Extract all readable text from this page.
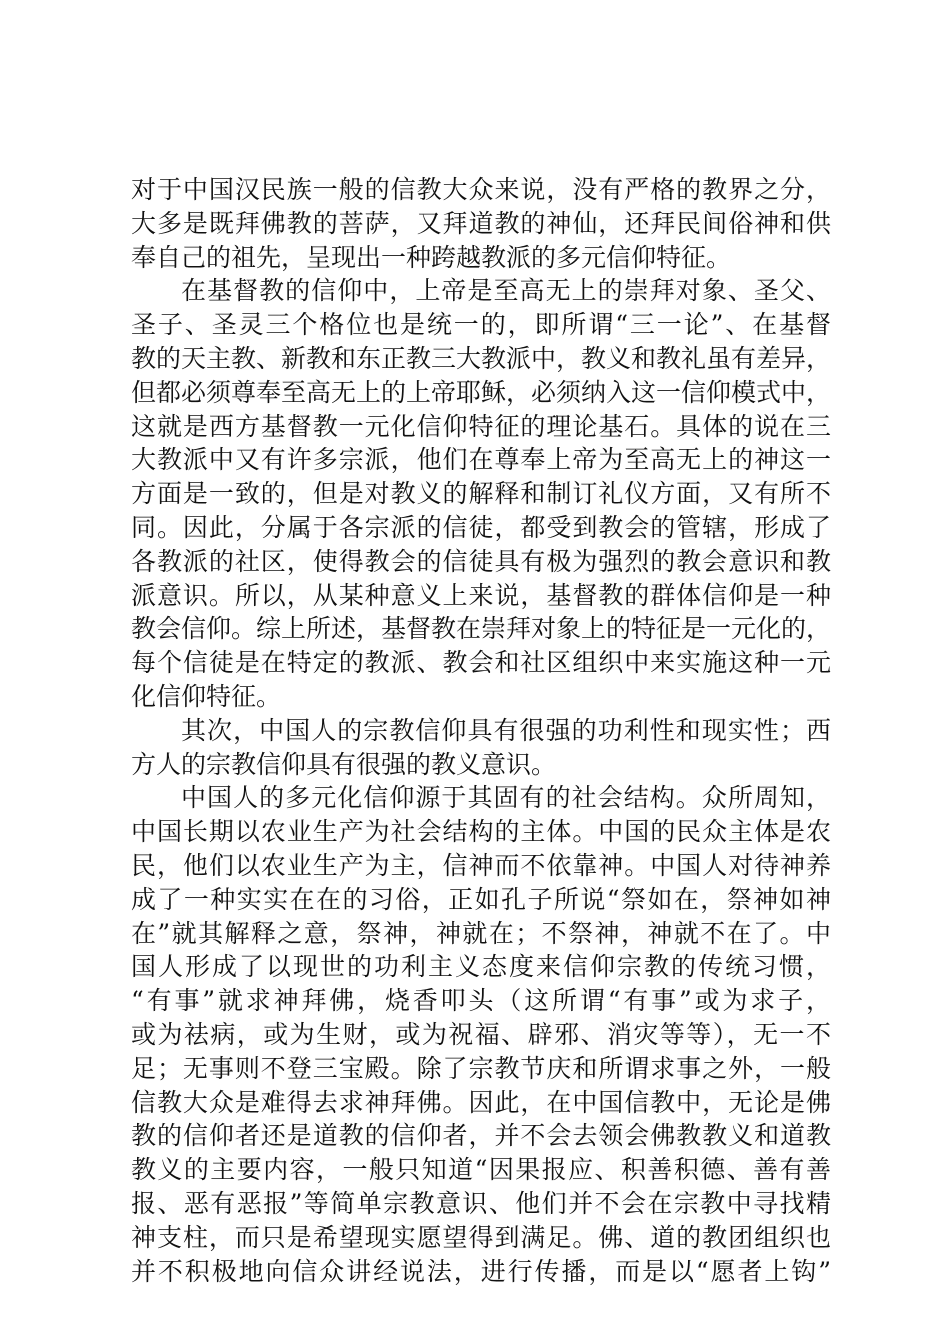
对于中国汉民族一般的信教大众来说，没有严格的教界之分，
大多是既拜佛教的菩萨，又拜道教的神仙，还拜民间俗神和供
奉自己的祖先，呈现出一种跨越教派的多元信仰特征。
在基督教的信仰中，上帝是至高无上的崇拜对象、圣父、
圣子、圣灵三个格位也是统一的，即所谓“三一论”、在基督
教的天主教、新教和东正教三大教派中，教义和教礼虽有差异，
但都必须尊奉至高无上的上帝耶稣，必须纳入这一信仰模式中，
这就是西方基督教一元化信仰特征的理论基石。具体的说在三
大教派中又有许多宗派，他们在尊奉上帝为至高无上的神这一
方面是一致的，但是对教义的解释和制订礼仪方面，又有所不
同。因此，分属于各宗派的信徒，都受到教会的管辖，形成了
各教派的社区，使得教会的信徒具有极为强烈的教会意识和教
派意识。所以，从某种意义上来说，基督教的群体信仰是一种
教会信仰。综上所述，基督教在崇拜对象上的特征是一元化的，
每个信徒是在特定的教派、教会和社区组织中来实施这种一元
化信仰特征。
其次，中国人的宗教信仰具有很强的功利性和现实性；西
方人的宗教信仰具有很强的教义意识。
中国人的多元化信仰源于其固有的社会结构。众所周知，
中国长期以农业生产为社会结构的主体。中国的民众主体是农
民，他们以农业生产为主，信神而不依靠神。中国人对待神养
成了一种实实在在的习俗，正如孔子所说“祭如在，祭神如神
在”就其解释之意，祭神，神就在；不祭神，神就不在了。中
国人形成了以现世的功利主义态度来信仰宗教的传统习惯，
“有事”就求神拜佛，烧香叩头（这所谓“有事”或为求子，
或为祛病，或为生财，或为祝福、辟邪、消灾等等），无一不
足；无事则不登三宝殿。除了宗教节庆和所谓求事之外，一般
信教大众是难得去求神拜佛。因此，在中国信教中，无论是佛
教的信仰者还是道教的信仰者，并不会去领会佛教教义和道教
教义的主要内容，一般只知道“因果报应、积善积德、善有善
报、恶有恶报”等简单宗教意识、他们并不会在宗教中寻找精
神支柱，而只是希望现实愿望得到满足。佛、道的教团组织也
并不积极地向信众讲经说法，进行传播，而是以“愿者上钩”
